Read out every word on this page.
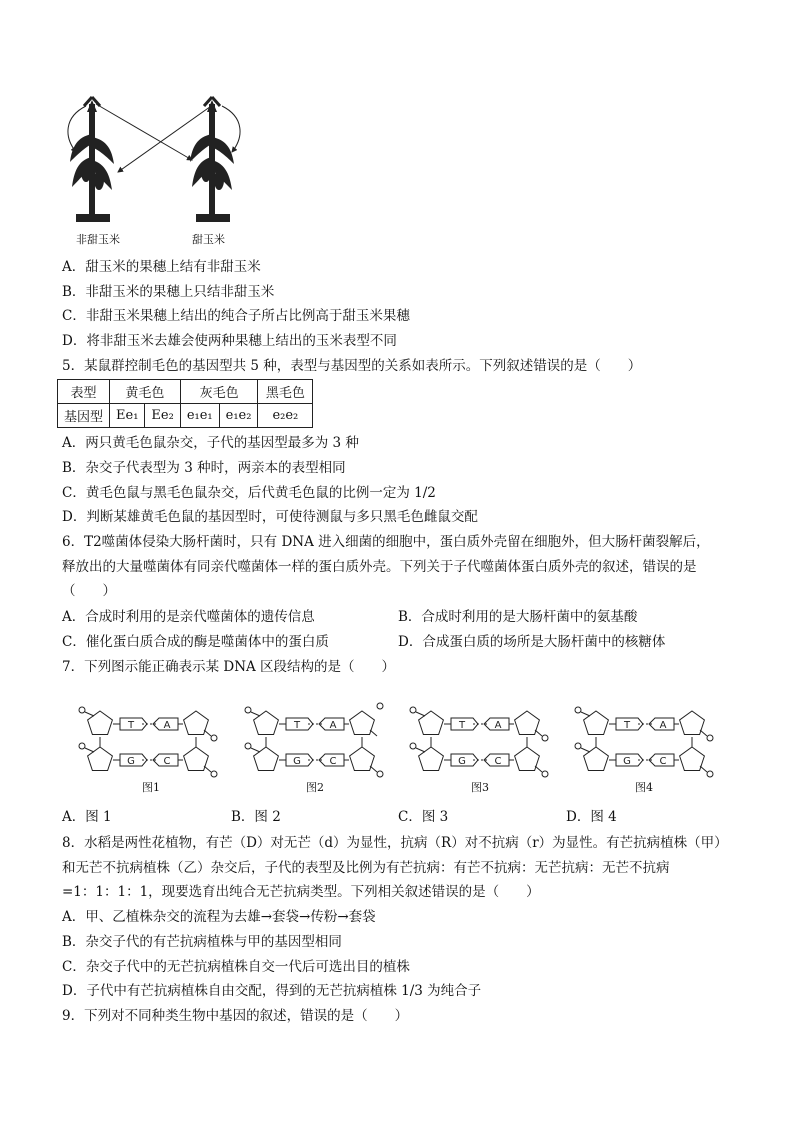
非甜玉米	甜玉米
A．甜玉米的果穗上结有非甜玉米
B．非甜玉米的果穗上只结非甜玉米
C．非甜玉米果穗上结出的纯合子所占比例高于甜玉米果穗
D．将非甜玉米去雄会使两种果穗上结出的玉米表型不同
5．某鼠群控制毛色的基因型共 5 种，表型与基因型的关系如表所示。下列叙述错误的是（　　）
表型	黄毛色		灰毛色		黑毛色
基因型	Ee₁	Ee₂	e₁e₁	e₁e₂	e₂e₂
A．两只黄毛色鼠杂交，子代的基因型最多为 3 种
B．杂交子代表型为 3 种时，两亲本的表型相同
C．黄毛色鼠与黑毛色鼠杂交，后代黄毛色鼠的比例一定为 1/2
D．判断某雄黄毛色鼠的基因型时，可使待测鼠与多只黑毛色雌鼠交配
6．T2噬菌体侵染大肠杆菌时，只有 DNA 进入细菌的细胞中，蛋白质外壳留在细胞外，但大肠杆菌裂解后，
释放出的大量噬菌体有同亲代噬菌体一样的蛋白质外壳。下列关于子代噬菌体蛋白质外壳的叙述，错误的是
（　　）
A．合成时利用的是亲代噬菌体的遗传信息	B．合成时利用的是大肠杆菌中的氨基酸
C．催化蛋白质合成的酶是噬菌体中的蛋白质	D．合成蛋白质的场所是大肠杆菌中的核糖体
7．下列图示能正确表示某 DNA 区段结构的是（　　）
T	A
G	C
T	A
G	C
T	A
G	C
T	A
G	C
图1	图2	图3	图4
A．图 1	B．图 2	C．图 3	D．图 4
8．水稻是两性花植物，有芒（D）对无芒（d）为显性，抗病（R）对不抗病（r）为显性。有芒抗病植株（甲）
和无芒不抗病植株（乙）杂交后，子代的表型及比例为有芒抗病：有芒不抗病：无芒抗病：无芒不抗病
=1：1：1：1，现要选育出纯合无芒抗病类型。下列相关叙述错误的是（　　）
A．甲、乙植株杂交的流程为去雄→套袋→传粉→套袋
B．杂交子代的有芒抗病植株与甲的基因型相同
C．杂交子代中的无芒抗病植株自交一代后可选出目的植株
D．子代中有芒抗病植株自由交配，得到的无芒抗病植株 1/3 为纯合子
9．下列对不同种类生物中基因的叙述，错误的是（　　）
